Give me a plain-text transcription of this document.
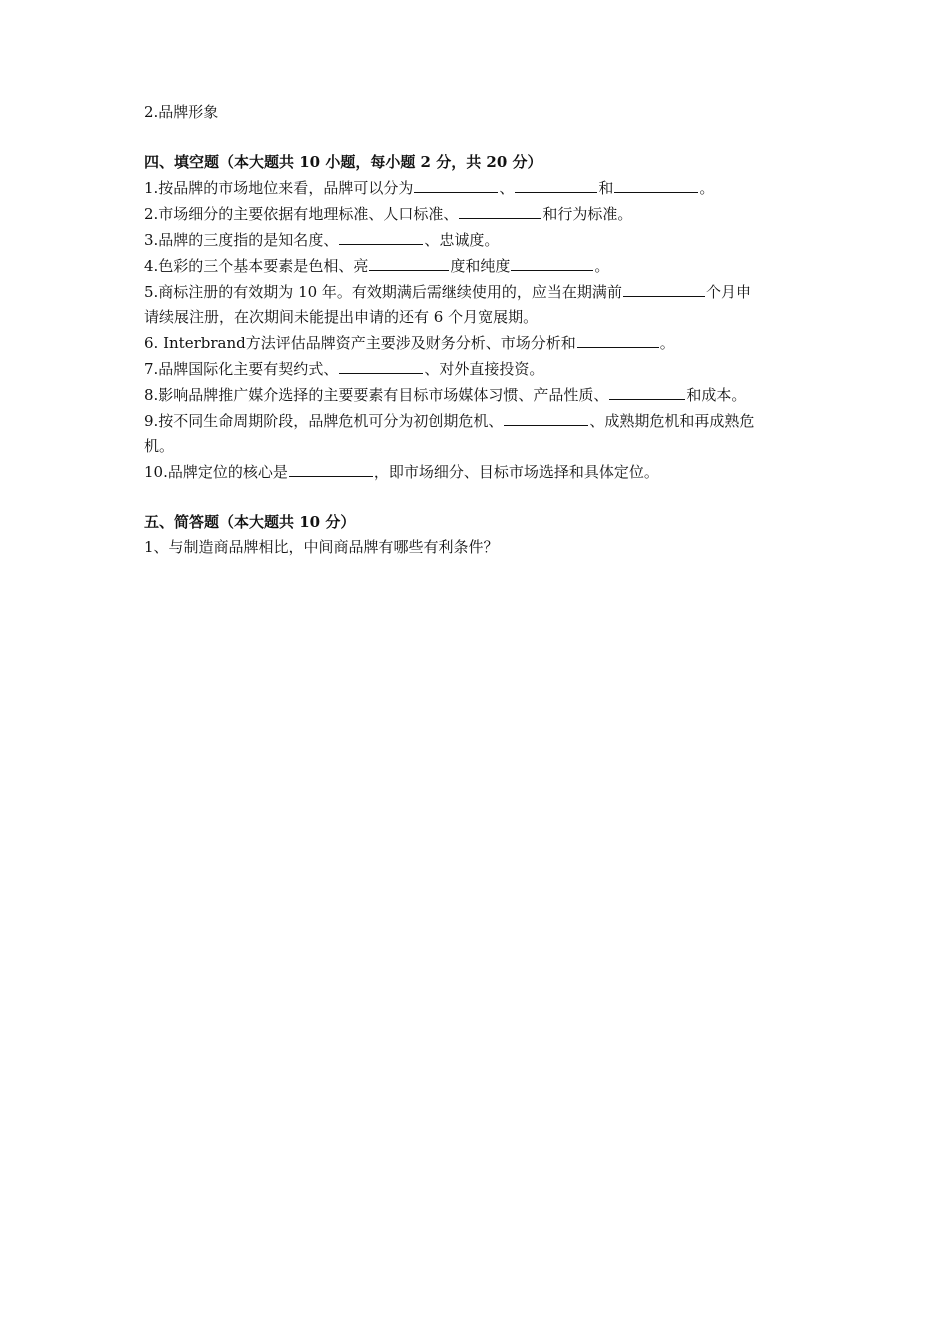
2.品牌形象
四、填空题（本大题共 10 小题，每小题 2 分，共 20 分）
1.按品牌的市场地位来看，品牌可以分为	、	和	。
2.市场细分的主要依据有地理标准、人口标准、	和行为标准。
3.品牌的三度指的是知名度、	、忠诚度。
4.色彩的三个基本要素是色相、亮	度和纯度	。
5.商标注册的有效期为 10 年。有效期满后需继续使用的，应当在期满前	个月申
请续展注册，在次期间未能提出申请的还有 6 个月宽展期。
6. Interbrand方法评估品牌资产主要涉及财务分析、市场分析和	。
7.品牌国际化主要有契约式、	、对外直接投资。
8.影响品牌推广媒介选择的主要要素有目标市场媒体习惯、产品性质、	和成本。
9.按不同生命周期阶段，品牌危机可分为初创期危机、	、成熟期危机和再成熟危
机。
10.品牌定位的核心是	，即市场细分、目标市场选择和具体定位。
五、简答题（本大题共 10 分）
1、与制造商品牌相比，中间商品牌有哪些有利条件？
